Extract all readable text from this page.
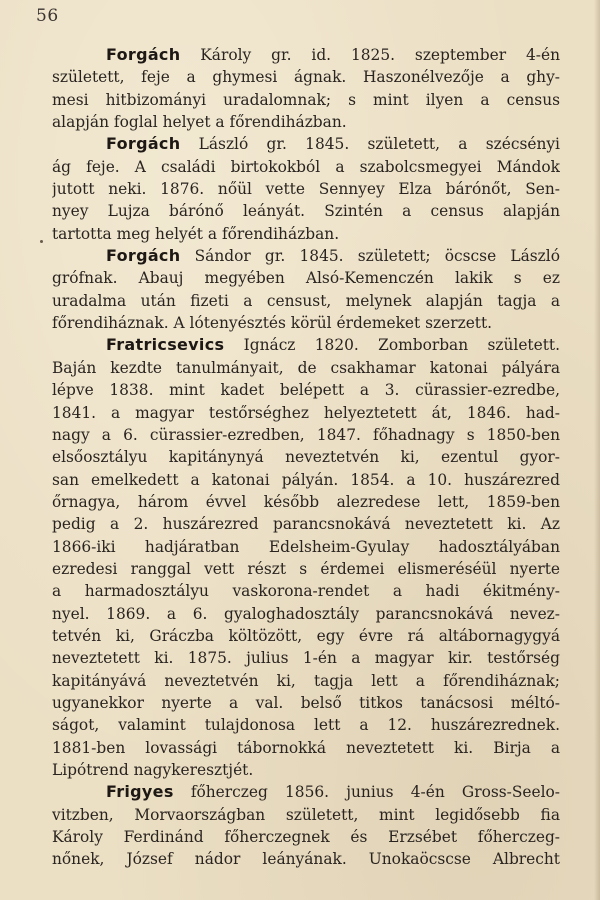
56
Forgách Károly gr. id. 1825. szeptember 4-én
született, feje a ghymesi ágnak. Haszonélvezője a ghy-
mesi hitbizományi uradalomnak; s mint ilyen a census
alapján foglal helyet a főrendiházban.
Forgách László gr. 1845. született, a szécsényi
ág feje. A családi birtokokból a szabolcsmegyei Mándok
jutott neki. 1876. nőül vette Sennyey Elza bárónőt, Sen-
nyey Lujza bárónő leányát. Szintén a census alapján
tartotta meg helyét a főrendiházban.
Forgách Sándor gr. 1845. született; öcscse László
grófnak. Abauj megyében Alsó-Kemenczén lakik s ez
uradalma után fizeti a censust, melynek alapján tagja a
főrendiháznak. A lótenyésztés körül érdemeket szerzett.
Fratricsevics Ignácz 1820. Zomborban született.
Baján kezdte tanulmányait, de csakhamar katonai pályára
lépve 1838. mint kadet belépett a 3. cürassier-ezredbe,
1841. a magyar testőrséghez helyeztetett át, 1846. had-
nagy a 6. cürassier-ezredben, 1847. főhadnagy s 1850-ben
elsőosztályu kapitánynyá neveztetvén ki, ezentul gyor-
san emelkedett a katonai pályán. 1854. a 10. huszárezred
őrnagya, három évvel később alezredese lett, 1859-ben
pedig a 2. huszárezred parancsnokává neveztetett ki. Az
1866-iki hadjáratban Edelsheim-Gyulay hadosztályában
ezredesi ranggal vett részt s érdemei elismeréséül nyerte
a harmadosztályu vaskorona-rendet a hadi ékitmény-
nyel. 1869. a 6. gyaloghadosztály parancsnokává nevez-
tetvén ki, Gráczba költözött, egy évre rá altábornagygyá
neveztetett ki. 1875. julius 1-én a magyar kir. testőrség
kapitányává neveztetvén ki, tagja lett a főrendiháznak;
ugyanekkor nyerte a val. belső titkos tanácsosi méltó-
ságot, valamint tulajdonosa lett a 12. huszárezrednek.
1881-ben lovassági tábornokká neveztetett ki. Birja a
Lipótrend nagykeresztjét.
Frigyes főherczeg 1856. junius 4-én Gross-Seelo-
vitzben, Morvaországban született, mint legidősebb fia
Károly Ferdinánd főherczegnek és Erzsébet főherczeg-
nőnek, József nádor leányának. Unokaöcscse Albrecht
